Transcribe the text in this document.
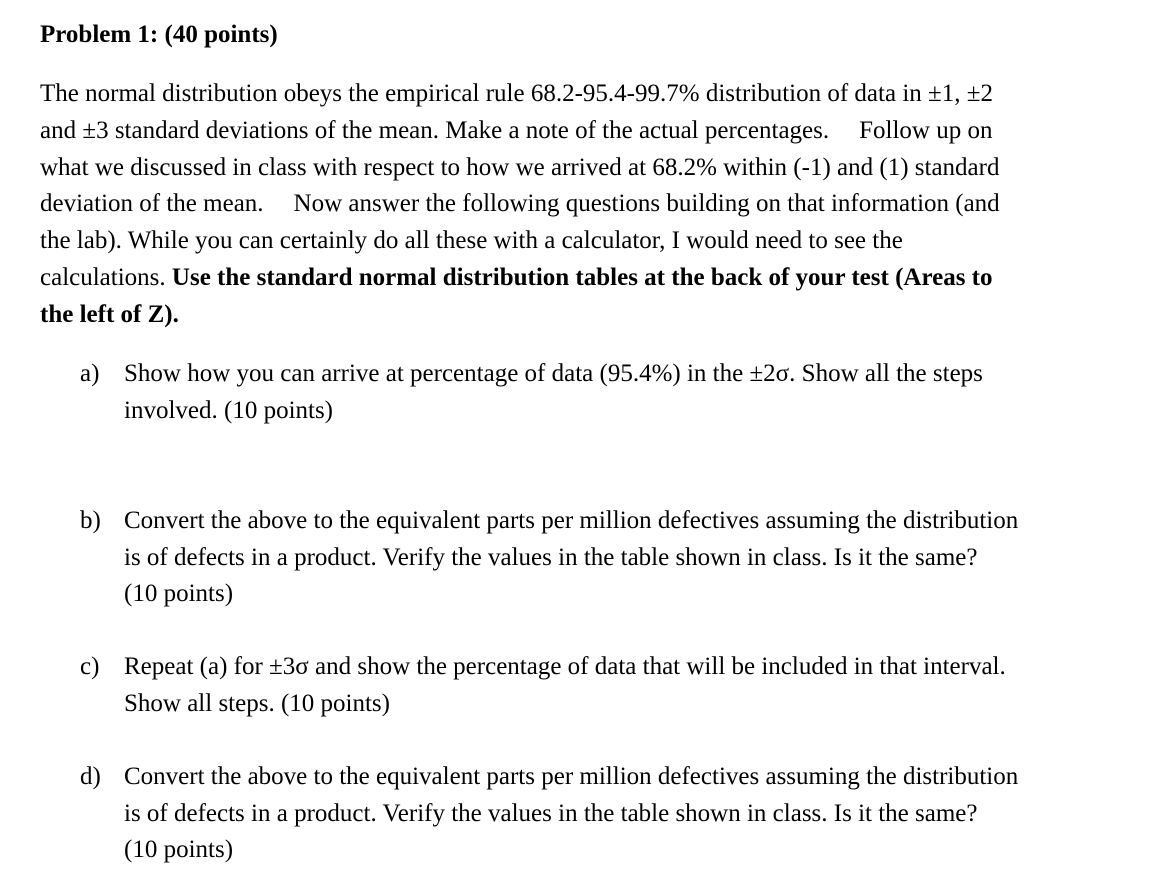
Problem 1: (40 points)
The normal distribution obeys the empirical rule 68.2-95.4-99.7% distribution of data in ±1, ±2
and ±3 standard deviations of the mean. Make a note of the actual percentages. Follow up on
what we discussed in class with respect to how we arrived at 68.2% within (-1) and (1) standard
deviation of the mean. Now answer the following questions building on that information (and
the lab). While you can certainly do all these with a calculator, I would need to see the
calculations. Use the standard normal distribution tables at the back of your test (Areas to
the left of Z).
a) Show how you can arrive at percentage of data (95.4%) in the ±2σ. Show all the steps
involved. (10 points)
b) Convert the above to the equivalent parts per million defectives assuming the distribution
is of defects in a product. Verify the values in the table shown in class. Is it the same?
(10 points)
c) Repeat (a) for ±3σ and show the percentage of data that will be included in that interval.
Show all steps. (10 points)
d) Convert the above to the equivalent parts per million defectives assuming the distribution
is of defects in a product. Verify the values in the table shown in class. Is it the same?
(10 points)
